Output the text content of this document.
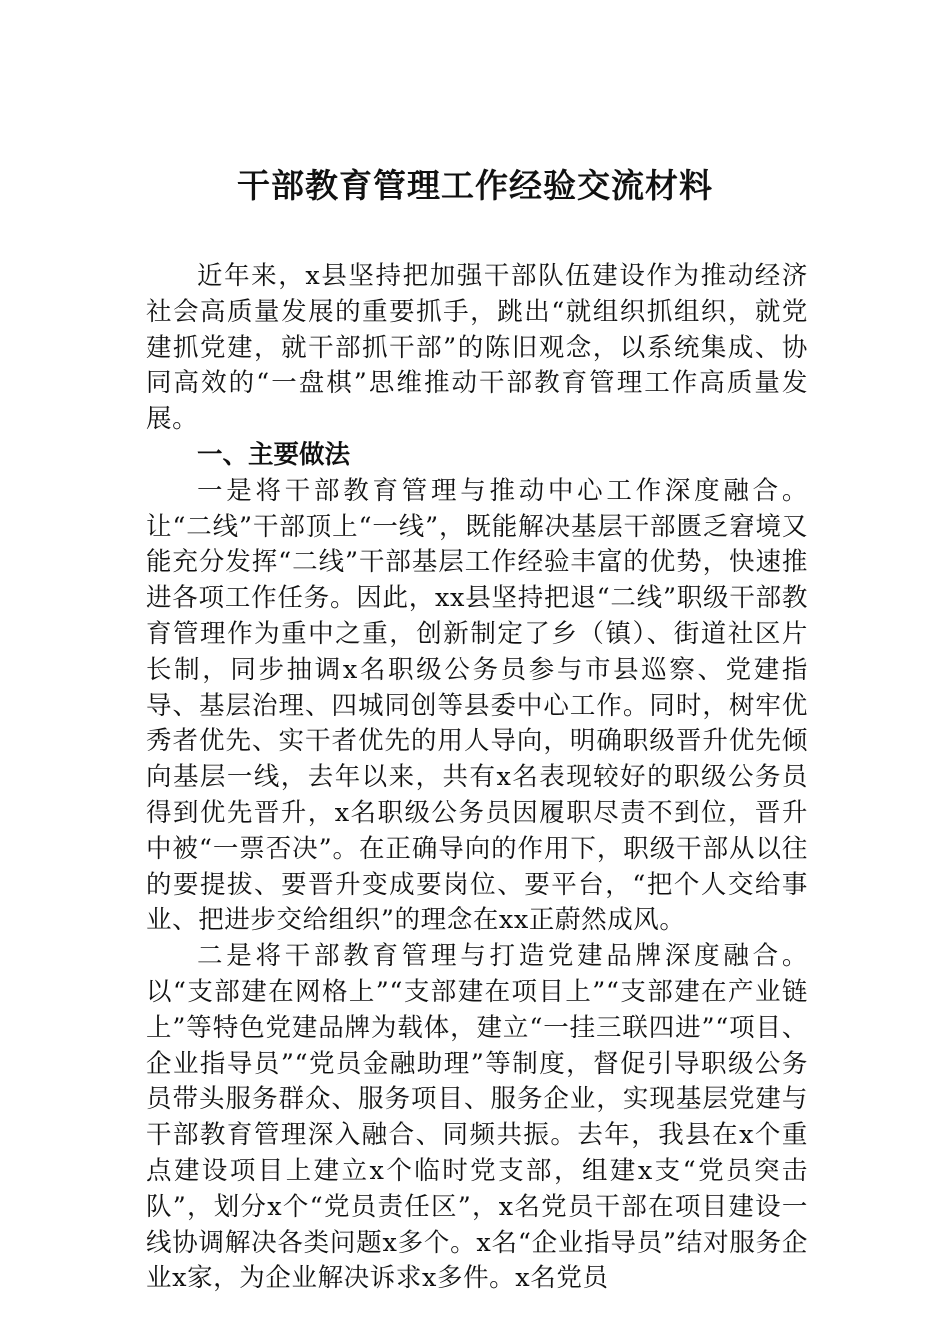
干部教育管理工作经验交流材料

近年来，x县坚持把加强干部队伍建设作为推动经济社会高质量发展的重要抓手，跳出“就组织抓组织，就党建抓党建，就干部抓干部”的陈旧观念，以系统集成、协同高效的“一盘棋”思维推动干部教育管理工作高质量发展。

一、主要做法

一是将干部教育管理与推动中心工作深度融合。让“二线”干部顶上“一线”，既能解决基层干部匮乏窘境又能充分发挥“二线”干部基层工作经验丰富的优势，快速推进各项工作任务。因此，xx县坚持把退“二线”职级干部教育管理作为重中之重，创新制定了乡（镇）、街道社区片长制，同步抽调x名职级公务员参与市县巡察、党建指导、基层治理、四城同创等县委中心工作。同时，树牢优秀者优先、实干者优先的用人导向，明确职级晋升优先倾向基层一线，去年以来，共有x名表现较好的职级公务员得到优先晋升，x名职级公务员因履职尽责不到位，晋升中被“一票否决”。在正确导向的作用下，职级干部从以往的要提拔、要晋升变成要岗位、要平台，“把个人交给事业、把进步交给组织”的理念在xx正蔚然成风。

二是将干部教育管理与打造党建品牌深度融合。以“支部建在网格上”“支部建在项目上”“支部建在产业链上”等特色党建品牌为载体，建立“一挂三联四进”“项目、企业指导员”“党员金融助理”等制度，督促引导职级公务员带头服务群众、服务项目、服务企业，实现基层党建与干部教育管理深入融合、同频共振。去年，我县在x个重点建设项目上建立x个临时党支部，组建x支“党员突击队”，划分x个“党员责任区”，x名党员干部在项目建设一线协调解决各类问题x多个。x名“企业指导员”结对服务企业x家，为企业解决诉求x多件。x名党员
